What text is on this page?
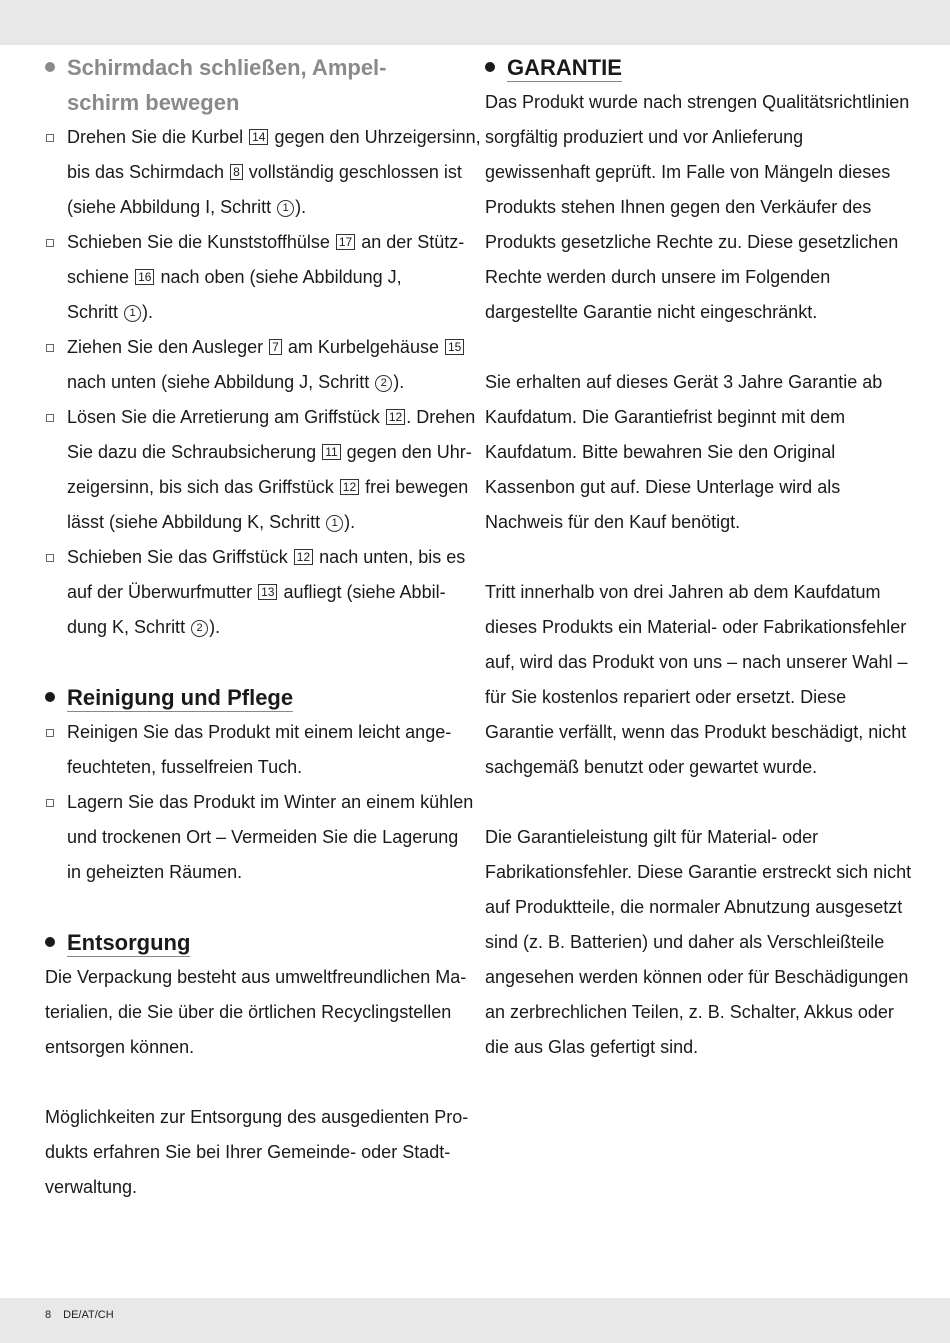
Schirmdach schließen, Ampel-
schirm bewegen
Drehen Sie die Kurbel 14 gegen den Uhrzeigersinn,
bis das Schirmdach 8 vollständig geschlossen ist
(siehe Abbildung I, Schritt 1 ).
Schieben Sie die Kunststoffhülse 17 an der Stütz-
schiene 16 nach oben (siehe Abbildung J,
Schritt 1 ).
Ziehen Sie den Ausleger 7 am Kurbelgehäuse 15
nach unten (siehe Abbildung J, Schritt 2 ).
Lösen Sie die Arretierung am Griffstück 12 . Drehen
Sie dazu die Schraubsicherung 11 gegen den Uhr-
zeigersinn, bis sich das Griffstück 12 frei bewegen
lässt (siehe Abbildung K, Schritt 1 ).
Schieben Sie das Griffstück 12 nach unten, bis es
auf der Überwurfmutter 13 aufliegt (siehe Abbil-
dung K, Schritt 2 ).
Reinigung und Pflege
Reinigen Sie das Produkt mit einem leicht ange-
feuchteten, fusselfreien Tuch.
Lagern Sie das Produkt im Winter an einem kühlen
und trockenen Ort – Vermeiden Sie die Lagerung
in geheizten Räumen.
Entsorgung
Die Verpackung besteht aus umweltfreundlichen Ma-
terialien, die Sie über die örtlichen Recyclingstellen
entsorgen können.
Möglichkeiten zur Entsorgung des ausgedienten Pro-
dukts erfahren Sie bei Ihrer Gemeinde- oder Stadt-
verwaltung.
GARANTIE
Das Produkt wurde nach strengen Qualitätsrichtlinien
sorgfältig produziert und vor Anlieferung
gewissenhaft geprüft. Im Falle von Mängeln dieses
Produkts stehen Ihnen gegen den Verkäufer des
Produkts gesetzliche Rechte zu. Diese gesetzlichen
Rechte werden durch unsere im Folgenden
dargestellte Garantie nicht eingeschränkt.
Sie erhalten auf dieses Gerät 3 Jahre Garantie ab
Kaufdatum. Die Garantiefrist beginnt mit dem
Kaufdatum. Bitte bewahren Sie den Original
Kassenbon gut auf. Diese Unterlage wird als
Nachweis für den Kauf benötigt.
Tritt innerhalb von drei Jahren ab dem Kaufdatum
dieses Produkts ein Material- oder Fabrikationsfehler
auf, wird das Produkt von uns – nach unserer Wahl –
für Sie kostenlos repariert oder ersetzt. Diese
Garantie verfällt, wenn das Produkt beschädigt, nicht
sachgemäß benutzt oder gewartet wurde.
Die Garantieleistung gilt für Material- oder
Fabrikationsfehler. Diese Garantie erstreckt sich nicht
auf Produktteile, die normaler Abnutzung ausgesetzt
sind (z. B. Batterien) und daher als Verschleißteile
angesehen werden können oder für Beschädigungen
an zerbrechlichen Teilen, z. B. Schalter, Akkus oder
die aus Glas gefertigt sind.
8 DE/AT/CH
